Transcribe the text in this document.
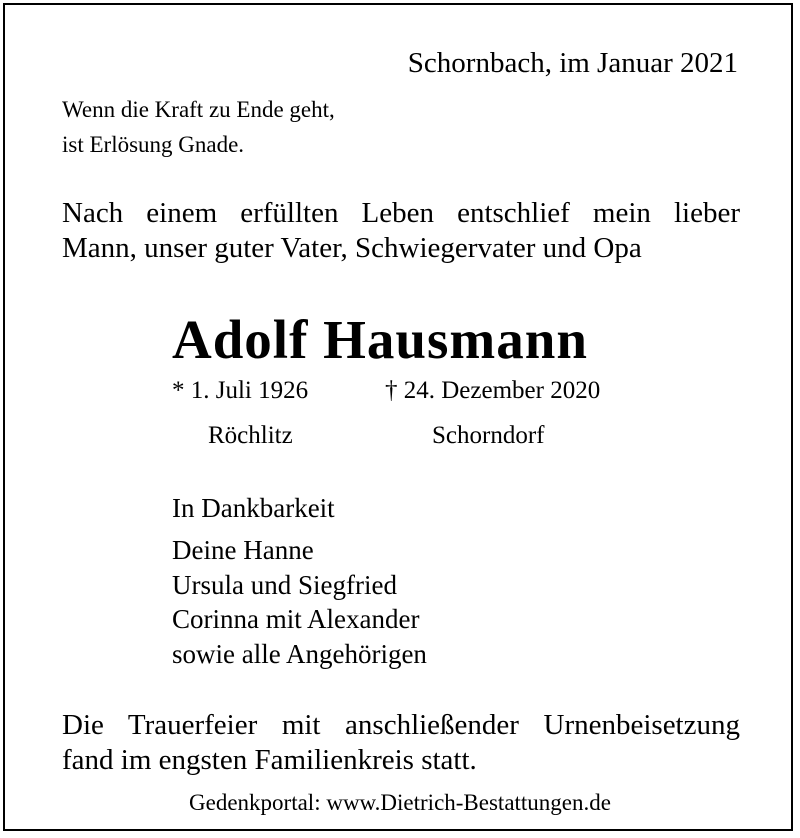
Schornbach, im Januar 2021
Wenn die Kraft zu Ende geht,
ist Erlösung Gnade.
Nach einem erfüllten Leben entschlief mein lieber
Mann, unser guter Vater, Schwiegervater und Opa
Adolf Hausmann
* 1. Juli 1926	† 24. Dezember 2020
Röchlitz	Schorndorf
In Dankbarkeit
Deine Hanne
Ursula und Siegfried
Corinna mit Alexander
sowie alle Angehörigen
Die Trauerfeier mit anschließender Urnenbeisetzung
fand im engsten Familienkreis statt.
Gedenkportal: www.Dietrich-Bestattungen.de
